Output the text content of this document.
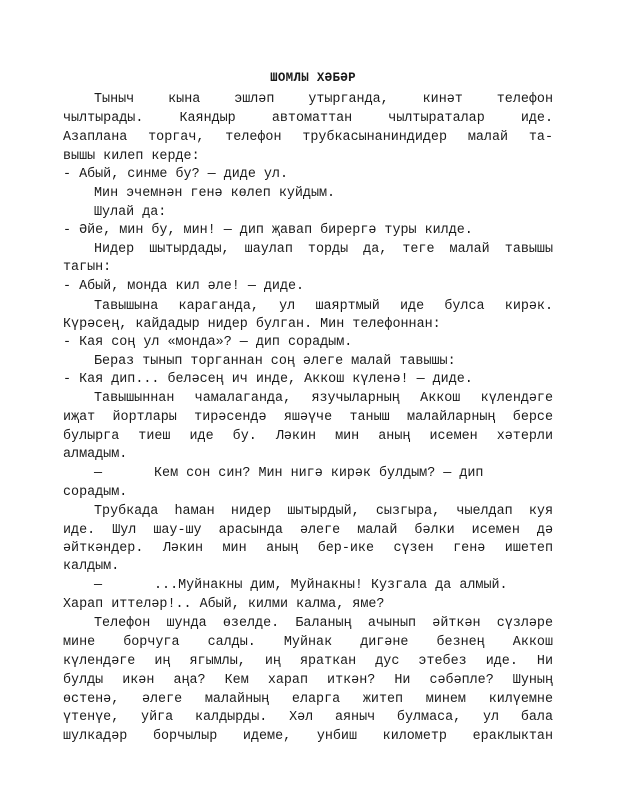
ШОМЛЫ ХӘБӘР
Тыныч кына эшләп утырганда, кинәт телефон
чылтырады. Каяндыр автоматтан чылтыраталар иде.
Азаплана торгач, телефон трубкасынаниндидер малай та-
вышы килеп керде:
- Абый, синме бу? — диде ул.
Мин эчемнән генә көлеп куйдым.
Шулай да:
- Әйе, мин бу, мин! — дип җавап бирергә туры килде.
Нидер шытырдады, шаулап торды да, теге малай тавышы
тагын:
- Абый, монда кил әле! — диде.
Тавышына караганда, ул шаяртмый иде булса кирәк.
Күрәсең, кайдадыр нидер булган. Мин телефоннан:
- Кая соң ул «монда»? — дип сорадым.
Бераз тынып торганнан соң әлеге малай тавышы:
- Кая дип... беләсең ич инде, Аккош күленә! — диде.
Тавышыннан чамалаганда, язучыларның Аккош күлендәге
иҗат йортлары тирәсендә яшәүче таныш малайларның берсе
булырга тиеш иде бу. Ләкин мин аның исемен хәтерли
алмадым.
—	Кем сон син? Мин нигә кирәк булдым? — дип
сорадым.
Трубкада һаман нидер шытырдый, сызгыра, чыелдап куя
иде. Шул шау-шу арасында әлеге малай бәлки исемен дә
әйткәндер. Ләкин мин аның бер-ике сүзен генә ишетеп
калдым.
—	...Муйнакны дим, Муйнакны! Кузгала да алмый.
Харап иттеләр!.. Абый, килми калма, яме?
Телефон шунда өзелде. Баланың ачынып әйткән сүзләре
мине борчуга салды. Муйнак дигәне безнең Аккош
күлендәге иң ягымлы, иң яраткан дус этебез иде. Ни
булды икән аңа? Кем харап иткән? Ни сәбәпле? Шуның
өстенә, әлеге малайның еларга житеп минем килүемне
үтенүе, уйга калдырды. Хәл аяныч булмаса, ул бала
шулкадәр борчылыр идеме, унбиш километр ераклыктан
